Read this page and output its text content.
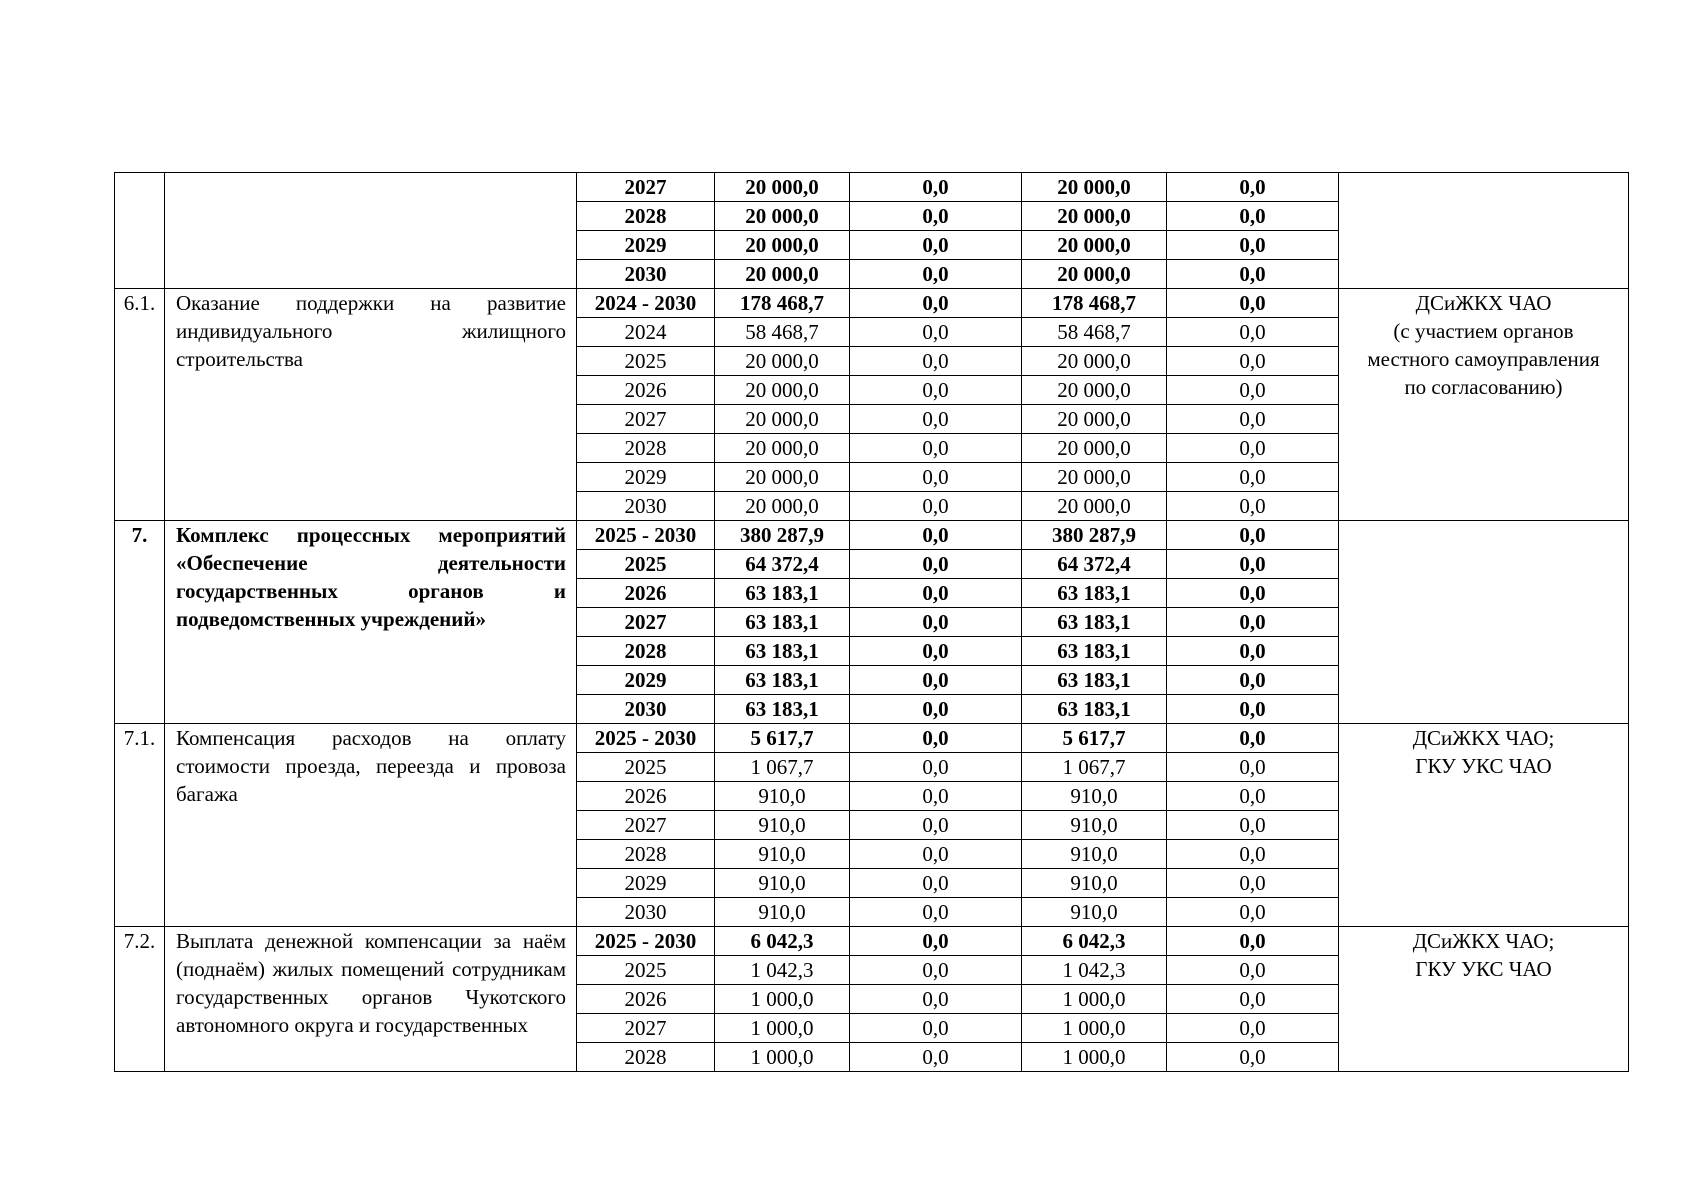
		2027	20 000,0	0,0	20 000,0	0,0	
		2028	20 000,0	0,0	20 000,0	0,0	
		2029	20 000,0	0,0	20 000,0	0,0	
		2030	20 000,0	0,0	20 000,0	0,0	
6.1.	Оказание поддержки на развитие индивидуального жилищного строительства	2024 - 2030	178 468,7	0,0	178 468,7	0,0	ДСиЖКХ ЧАО
(с участием органов
местного самоуправления
по согласованию)

		2024	58 468,7	0,0	58 468,7	0,0	
		2025	20 000,0	0,0	20 000,0	0,0	
		2026	20 000,0	0,0	20 000,0	0,0	
		2027	20 000,0	0,0	20 000,0	0,0	
		2028	20 000,0	0,0	20 000,0	0,0	
		2029	20 000,0	0,0	20 000,0	0,0	
		2030	20 000,0	0,0	20 000,0	0,0	
7.	Комплекс процессных мероприятий «Обеспечение деятельности государственных органов и подведомственных учреждений»	2025 - 2030	380 287,9	0,0	380 287,9	0,0	
		2025	64 372,4	0,0	64 372,4	0,0	
		2026	63 183,1	0,0	63 183,1	0,0	
		2027	63 183,1	0,0	63 183,1	0,0	
		2028	63 183,1	0,0	63 183,1	0,0	
		2029	63 183,1	0,0	63 183,1	0,0	
		2030	63 183,1	0,0	63 183,1	0,0	
7.1.	Компенсация расходов на оплату стоимости проезда, переезда и провоза багажа	2025 - 2030	5 617,7	0,0	5 617,7	0,0	ДСиЖКХ ЧАО;
ГКУ УКС ЧАО

		2025	1 067,7	0,0	1 067,7	0,0	
		2026	910,0	0,0	910,0	0,0	
		2027	910,0	0,0	910,0	0,0	
		2028	910,0	0,0	910,0	0,0	
		2029	910,0	0,0	910,0	0,0	
		2030	910,0	0,0	910,0	0,0	
7.2.	Выплата денежной компенсации за наём (поднаём) жилых помещений сотрудникам государственных органов Чукотского автономного округа и государственных	2025 - 2030	6 042,3	0,0	6 042,3	0,0	ДСиЖКХ ЧАО;
ГКУ УКС ЧАО

		2025	1 042,3	0,0	1 042,3	0,0	
		2026	1 000,0	0,0	1 000,0	0,0	
		2027	1 000,0	0,0	1 000,0	0,0	
		2028	1 000,0	0,0	1 000,0	0,0	
